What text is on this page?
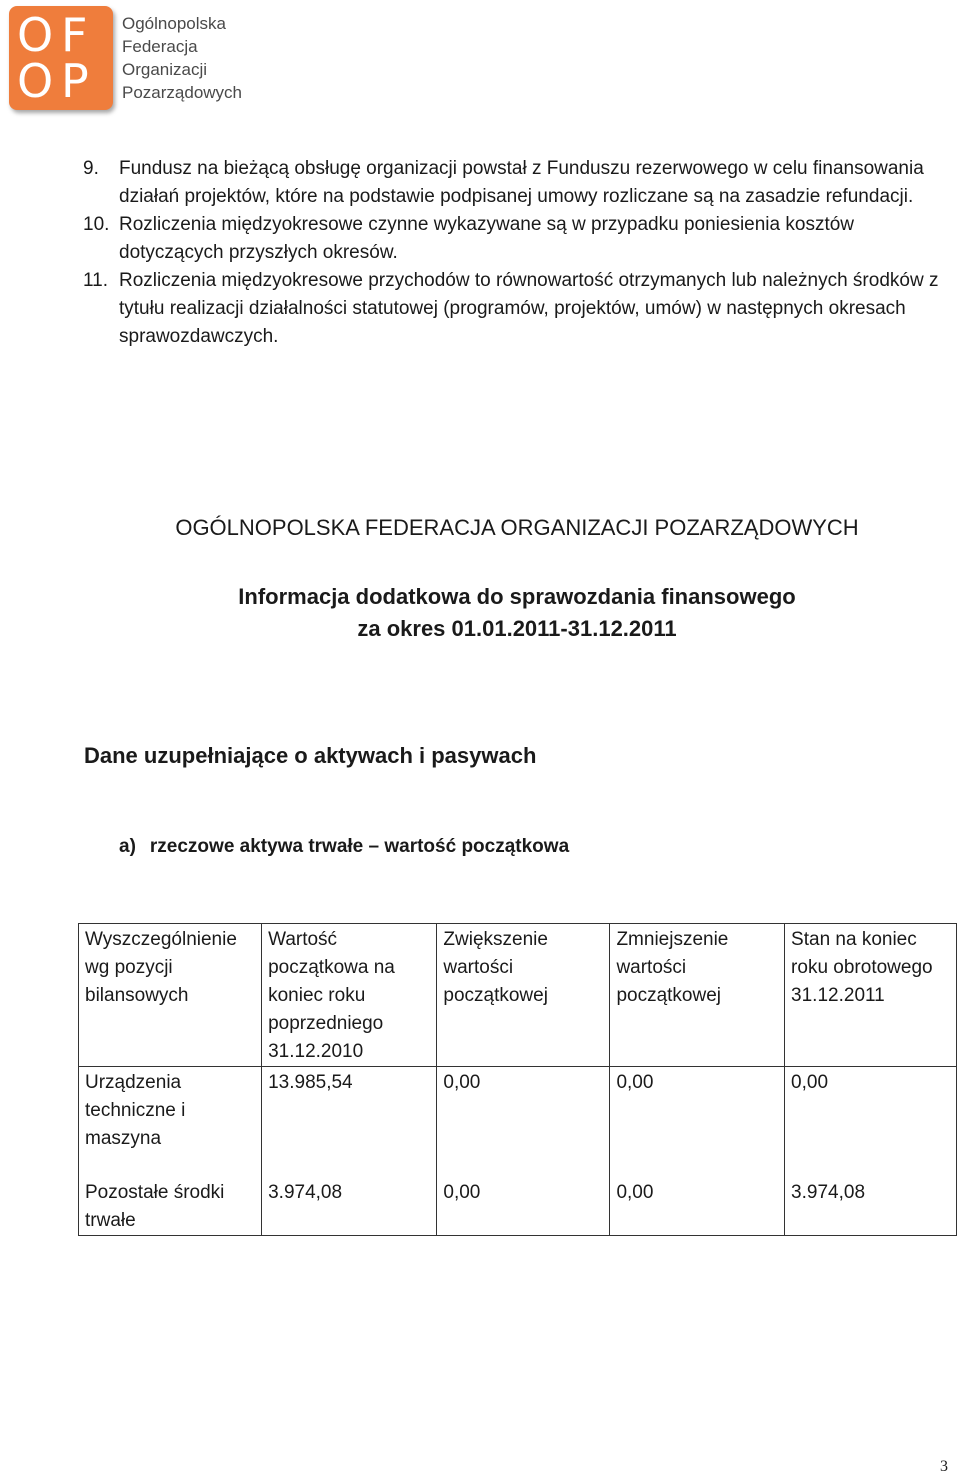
O F
O P
Ogólnopolska
Federacja
Organizacji
Pozarządowych
9. Fundusz na bieżącą obsługę organizacji powstał z Funduszu rezerwowego w celu finansowania działań projektów, które na podstawie podpisanej umowy rozliczane są na zasadzie refundacji.
10. Rozliczenia międzyokresowe czynne wykazywane są w przypadku poniesienia kosztów dotyczących przyszłych okresów.
11. Rozliczenia międzyokresowe przychodów to równowartość otrzymanych lub należnych środków z tytułu realizacji działalności statutowej (programów, projektów, umów) w następnych okresach sprawozdawczych.
OGÓLNOPOLSKA FEDERACJA ORGANIZACJI POZARZĄDOWYCH
Informacja dodatkowa do sprawozdania finansowego
za okres 01.01.2011-31.12.2011
Dane uzupełniające o aktywach i pasywach
a) rzeczowe aktywa trwałe – wartość początkowa
Wyszczególnienie wg pozycji bilansowych	Wartość początkowa na koniec roku poprzedniego 31.12.2010	Zwiększenie wartości początkowej	Zmniejszenie wartości początkowej	Stan na koniec roku obrotowego 31.12.2011
Urządzenia techniczne i maszyna	13.985,54	0,00	0,00	0,00
Pozostałe środki trwałe	3.974,08	0,00	0,00	3.974,08
3
